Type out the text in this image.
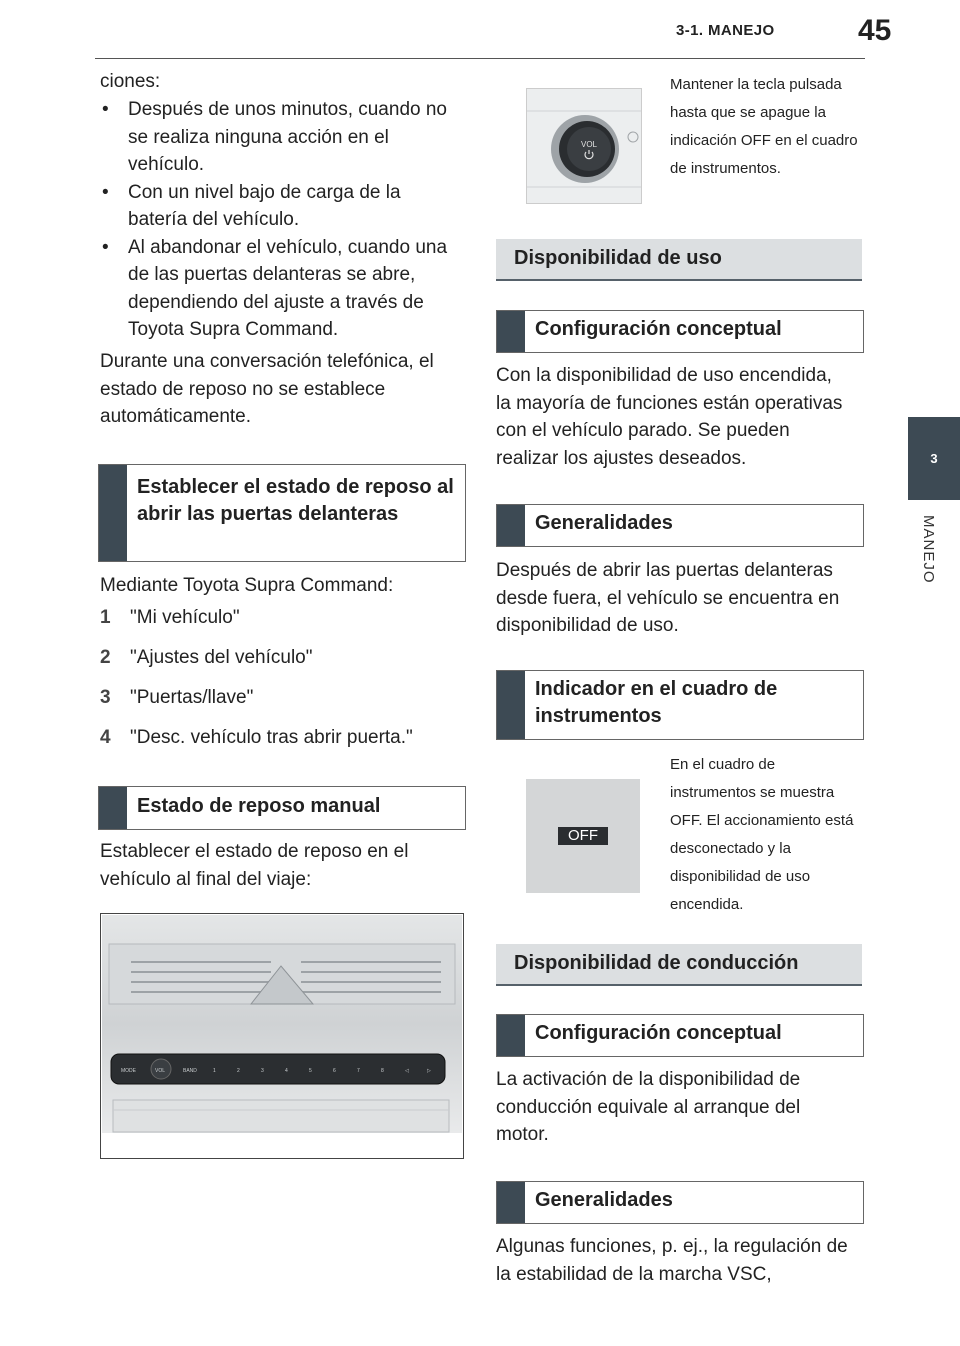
3-1. MANEJO	45
3
MANEJO
ciones:
• Después de unos minutos, cuando no se realiza ninguna acción en el vehículo.
• Con un nivel bajo de carga de la batería del vehículo.
• Al abandonar el vehículo, cuando una de las puertas delanteras se abre, dependiendo del ajuste a través de Toyota Supra Command.
Durante una conversación telefónica, el estado de reposo no se establece automáticamente.
Establecer el estado de reposo al abrir las puertas delanteras
Mediante Toyota Supra Command:
1 "Mi vehículo"
2 "Ajustes del vehículo"
3 "Puertas/llave"
4 "Desc. vehículo tras abrir puerta."
Estado de reposo manual
Establecer el estado de reposo en el vehículo al final del viaje:
MODE	VOL	BAND	1	2	3	4	5	6	7	8	◁	▷
VOL
Mantener la tecla pulsada hasta que se apague la indicación OFF en el cuadro de instrumentos.
Disponibilidad de uso
Configuración conceptual
Con la disponibilidad de uso encendida, la mayoría de funciones están operativas con el vehículo parado. Se pueden realizar los ajustes deseados.
Generalidades
Después de abrir las puertas delanteras desde fuera, el vehículo se encuentra en disponibilidad de uso.
Indicador en el cuadro de instrumentos
OFF
En el cuadro de instrumentos se muestra OFF. El accionamiento está desconectado y la disponibilidad de uso encendida.
Disponibilidad de conducción
Configuración conceptual
La activación de la disponibilidad de conducción equivale al arranque del motor.
Generalidades
Algunas funciones, p. ej., la regulación de la estabilidad de la marcha VSC,
